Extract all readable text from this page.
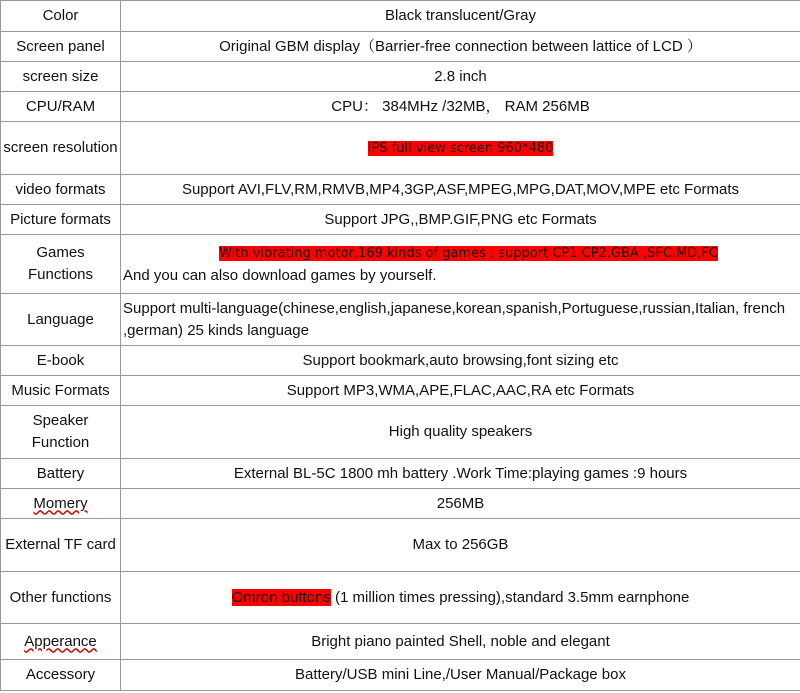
Color	Black translucent/Gray
Screen panel	Original GBM display（Barrier-free connection between lattice of LCD ）
screen size	2.8 inch
CPU/RAM	CPU： 384MHz /32MB， RAM 256MB
screen resolution	IPS full view screen 960*480
video formats	Support AVI,FLV,RM,RMVB,MP4,3GP,ASF,MPEG,MPG,DAT,MOV,MPE etc Formats
Picture formats	Support JPG,,BMP.GIF,PNG etc Formats
Games Functions	With vibrating motor,169 kinds of games , support CP1.CP2.GBA ,SFC,MD,FC
And you can also download games by yourself.

Language	Support multi-language(chinese,english,japanese,korean,spanish,Portuguese,russian,Italian, french ,german) 25 kinds language
E-book	Support bookmark,auto browsing,font sizing etc
Music Formats	Support MP3,WMA,APE,FLAC,AAC,RA etc Formats
Speaker Function	High quality speakers
Battery	External BL-5C 1800 mh battery .Work Time:playing games :9 hours
Momery	256MB
External TF card	Max to 256GB
Other functions	Omron buttons (1 million times pressing),standard 3.5mm earnphone
Apperance	Bright piano painted Shell, noble and elegant
Accessory	Battery/USB mini Line,/User Manual/Package box
